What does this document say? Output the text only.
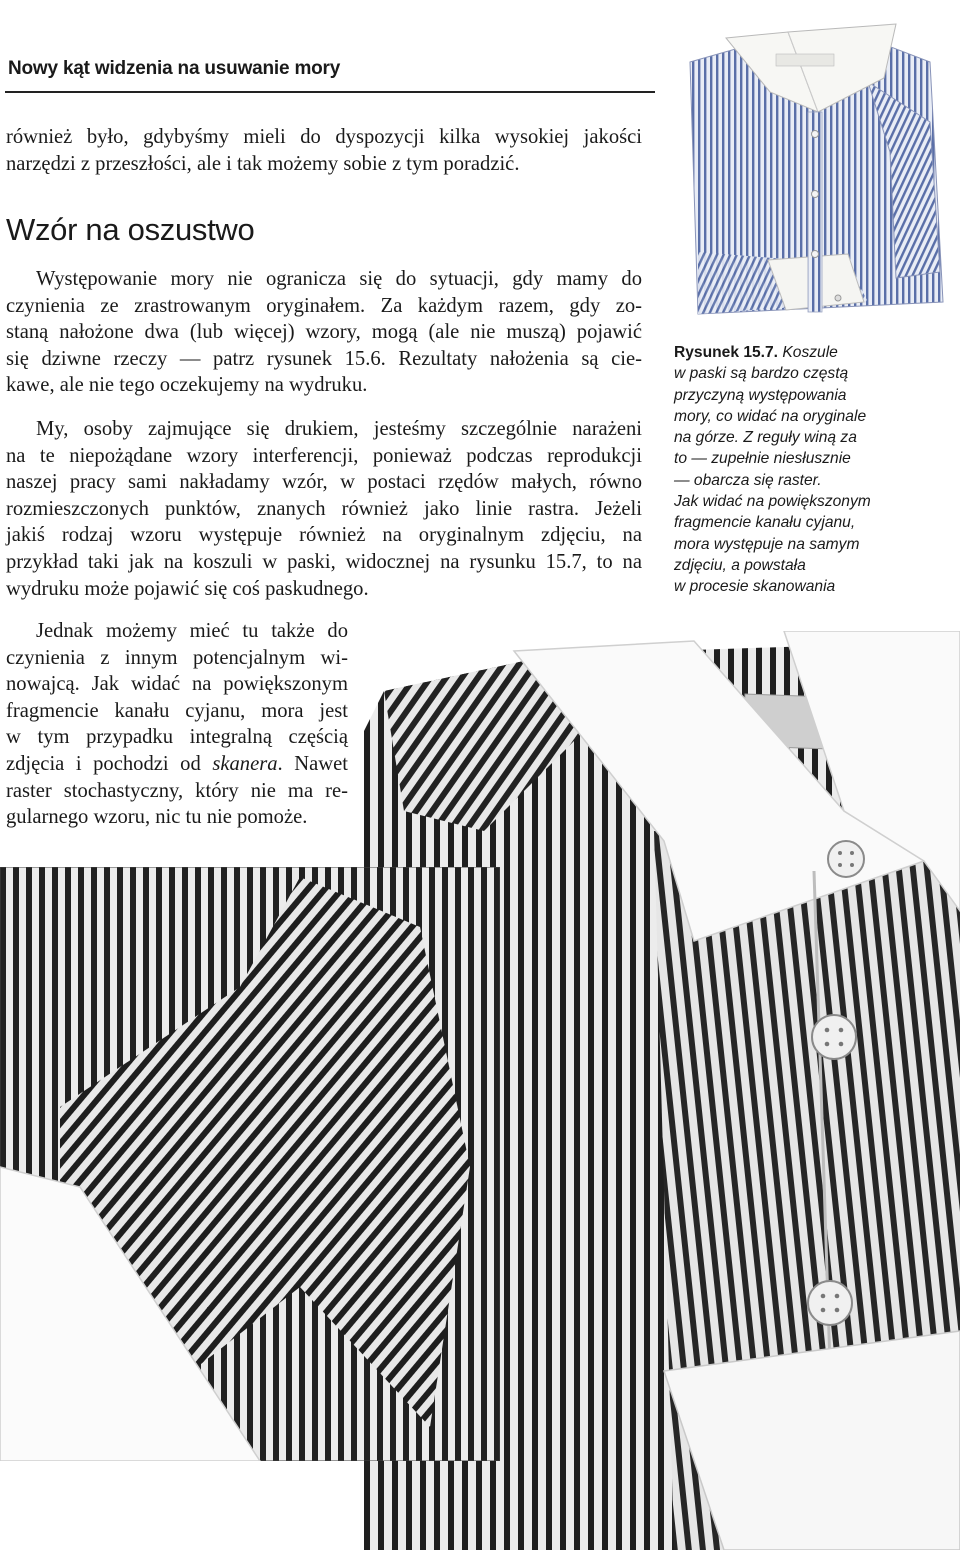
Nowy kąt widzenia na usuwanie mory
również było, gdybyśmy mieli do dyspozycji kilka wysokiej jakości
narzędzi z przeszłości, ale i tak możemy sobie z tym poradzić.
Wzór na oszustwo
Występowanie mory nie ogranicza się do sytuacji, gdy mamy do
czynienia ze zrastrowanym oryginałem. Za każdym razem, gdy zo-
staną nałożone dwa (lub więcej) wzory, mogą (ale nie muszą) pojawić
się dziwne rzeczy — patrz rysunek 15.6. Rezultaty nałożenia są cie-
kawe, ale nie tego oczekujemy na wydruku.
My, osoby zajmujące się drukiem, jesteśmy szczególnie narażeni
na te niepożądane wzory interferencji, ponieważ podczas reprodukcji
naszej pracy sami nakładamy wzór, w postaci rzędów małych, równo
rozmieszczonych punktów, znanych również jako linie rastra. Jeżeli
jakiś rodzaj wzoru występuje również na oryginalnym zdjęciu, na
przykład taki jak na koszuli w paski, widocznej na rysunku 15.7, to na
wydruku może pojawić się coś paskudnego.
Jednak możemy mieć tu także do
czynienia z innym potencjalnym wi-
nowajcą. Jak widać na powiększonym
fragmencie kanału cyjanu, mora jest
w tym przypadku integralną częścią
zdjęcia i pochodzi od skanera. Nawet
raster stochastyczny, który nie ma re-
gularnego wzoru, nic tu nie pomoże.
Rysunek 15.7. Koszule
w paski są bardzo częstą
przyczyną występowania
mory, co widać na oryginale
na górze. Z reguły winą za
to — zupełnie niesłusznie
— obarcza się raster.
Jak widać na powiększonym
fragmencie kanału cyjanu,
mora występuje na samym
zdjęciu, a powstała
w procesie skanowania
